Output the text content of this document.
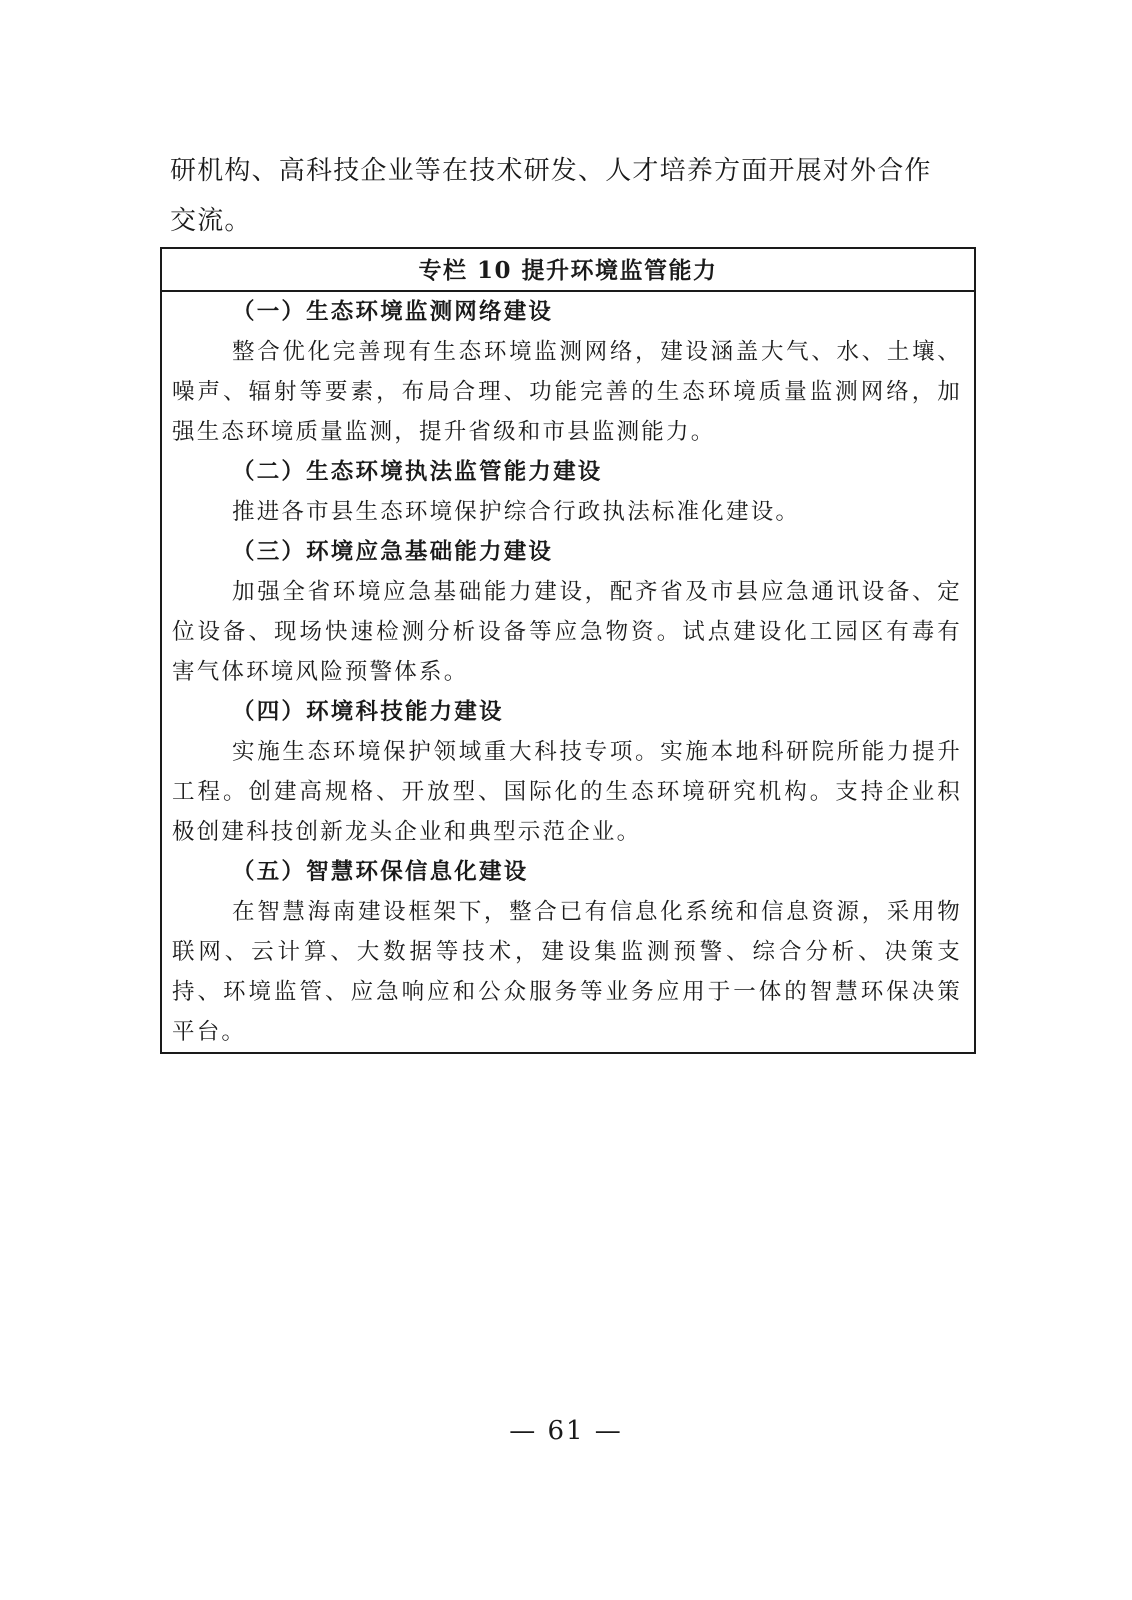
研机构、高科技企业等在技术研发、人才培养方面开展对外合作

交流。

专栏 10 提升环境监管能力

（一）生态环境监测网络建设

整合优化完善现有生态环境监测网络，建设涵盖大气、水、土壤、噪声、辐射等要素，布局合理、功能完善的生态环境质量监测网络，加强生态环境质量监测，提升省级和市县监测能力。

（二）生态环境执法监管能力建设

推进各市县生态环境保护综合行政执法标准化建设。

（三）环境应急基础能力建设

加强全省环境应急基础能力建设，配齐省及市县应急通讯设备、定位设备、现场快速检测分析设备等应急物资。试点建设化工园区有毒有害气体环境风险预警体系。

（四）环境科技能力建设

实施生态环境保护领域重大科技专项。实施本地科研院所能力提升工程。创建高规格、开放型、国际化的生态环境研究机构。支持企业积极创建科技创新龙头企业和典型示范企业。

（五）智慧环保信息化建设

在智慧海南建设框架下，整合已有信息化系统和信息资源，采用物联网、云计算、大数据等技术，建设集监测预警、综合分析、决策支持、环境监管、应急响应和公众服务等业务应用于一体的智慧环保决策平台。

— 61 —
